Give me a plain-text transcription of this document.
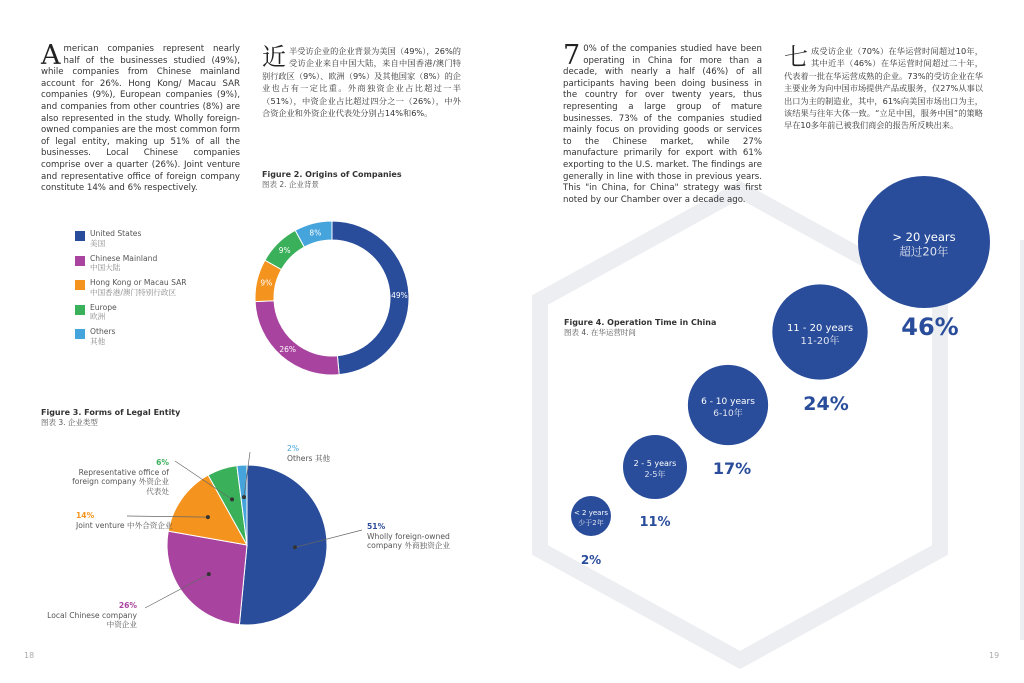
American companies represent nearly half of the businesses studied (49%), while companies from Chinese mainland account for 26%. Hong Kong/ Macau SAR companies (9%), European companies (9%), and companies from other countries (8%) are also represented in the study. Wholly foreign-owned companies are the most common form of legal entity, making up 51% of all the businesses. Local Chinese companies comprise over a quarter (26%). Joint venture and representative office of foreign company constitute 14% and 6% respectively.
近半受访企业的企业背景为美国（49%），26%的受访企业来自中国大陆，来自中国香港/澳门特别行政区（9%）、欧洲（9%）及其他国家（8%）的企业也占有一定比重。外商独资企业占比超过一半（51%），中资企业占比超过四分之一（26%），中外合资企业和外资企业代表处分别占14%和6%。
Figure 2. Origins of Companies
图表 2. 企业背景
United States
美国
Chinese Mainland
中国大陆
Hong Kong or Macau SAR
中国香港/澳门特别行政区
Europe
欧洲
Others
其他
49%
26%
9%
9%
8%
Figure 3. Forms of Legal Entity
图表 3. 企业类型
2%
Others 其他
6%
Representative office of foreign company 外资企业代表处
14%
Joint venture 中外合资企业	51%
Wholly foreign-owned company 外商独资企业
26%
Local Chinese company 中资企业
18
7 0% of the companies studied have been operating in China for more than a decade, with nearly a half (46%) of all participants having been doing business in the country for over twenty years, thus representing a large group of mature businesses. 73% of the companies studied mainly focus on providing goods or services to the Chinese market, while 27% manufacture primarily for export with 61% exporting to the U.S. market. The findings are generally in line with those in previous years. This "in China, for China" strategy was first noted by our Chamber over a decade ago.
七成受访企业（70%）在华运营时间超过10年，其中近半（46%）在华运营时间超过二十年，代表着一批在华运营成熟的企业。73%的受访企业在华主要业务为向中国市场提供产品或服务，仅27%从事以出口为主的制造业，其中，61%向美国市场出口为主，该结果与往年大体一致。“立足中国，服务中国”的策略早在10多年前已被我们商会的报告所反映出来。
Figure 4. Operation Time in China
图表 4. 在华运营时间
< 2 years
少于2年
2%
2 - 5 years
2-5年
11%
6 - 10 years
6-10年
17%
11 - 20 years
11-20年
24%
> 20 years
超过20年
46%
19
